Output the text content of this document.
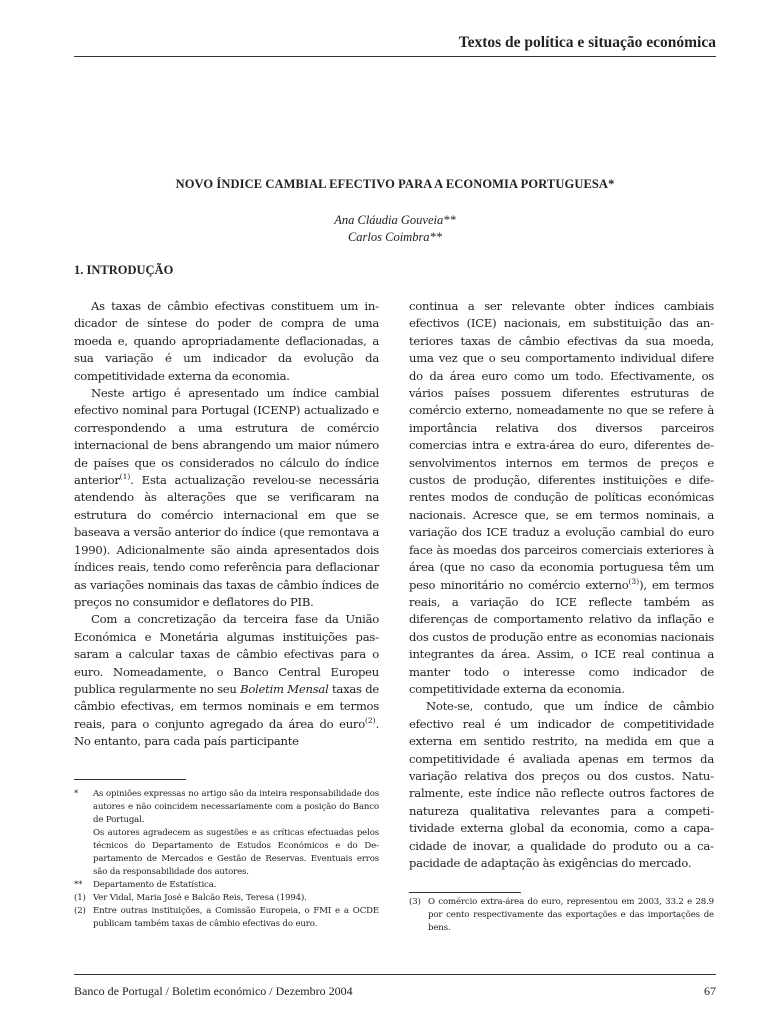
Textos de política e situação económica
NOVO ÍNDICE CAMBIAL EFECTIVO PARA A ECONOMIA PORTUGUESA*
Ana Cláudia Gouveia**
Carlos Coimbra**
1. INTRODUÇÃO

As taxas de câmbio efectivas constituem um indicador de síntese do poder de compra de uma moeda e, quando apropriadamente deflacionadas, a sua variação é um indicador da evolução da competitividade externa da economia.

Neste artigo é apresentado um índice cambial efectivo nominal para Portugal (ICENP) actualizado e correspondendo a uma estrutura de comércio internacional de bens abrangendo um maior número de países que os considerados no cálculo do índice anterior$^{(1)}$. Esta actualização revelou-se necessária atendendo às alterações que se verificaram na estrutura do comércio internacional em que se baseava a versão anterior do índice (que remontava a 1990). Adicionalmente são ainda apresentados dois índices reais, tendo como referência para deflacionar as variações nominais das taxas de câmbio índices de preços no consumidor e deflatores do PIB.

Com a concretização da terceira fase da União Económica e Monetária algumas instituições passaram a calcular taxas de câmbio efectivas para o euro. Nomeadamente, o Banco Central Europeu publica regularmente no seu Boletim Mensal taxas de câmbio efectivas, em termos nominais e em termos reais, para o conjunto agregado da área do euro$^{(2)}$. No entanto, para cada país participante

continua a ser relevante obter índices cambiais efectivos (ICE) nacionais, em substituição das anteriores taxas de câmbio efectivas da sua moeda, uma vez que o seu comportamento individual difere do da área euro como um todo. Efectivamente, os vários países possuem diferentes estruturas de comércio externo, nomeadamente no que se refere à importância relativa dos diversos parceiros comercias intra e extra-área do euro, diferentes desenvolvimentos internos em termos de preços e custos de produção, diferentes instituições e diferentes modos de condução de políticas económicas nacionais. Acresce que, se em termos nominais, a variação dos ICE traduz a evolução cambial do euro face às moedas dos parceiros comerciais exteriores à área (que no caso da economia portuguesa têm um peso minoritário no comércio externo$^{(3)}$), em termos reais, a variação do ICE reflecte também as diferenças de comportamento relativo da inflação e dos custos de produção entre as economias nacionais integrantes da área. Assim, o ICE real continua a manter todo o interesse como indicador de competitividade externa da economia.

Note-se, contudo, que um índice de câmbio efectivo real é um indicador de competitividade externa em sentido restrito, na medida em que a competitividade é avaliada apenas em termos da variação relativa dos preços ou dos custos. Naturalmente, este índice não reflecte outros factores de natureza qualitativa relevantes para a competitividade externa global da economia, como a capacidade de inovar, a qualidade do produto ou a capacidade de adaptação às exigências do mercado.

*	As opiniões expressas no artigo são da inteira responsabilidade dos autores e não coincidem necessariamente com a posição do Banco de Portugal.
Os autores agradecem as sugestões e as críticas efectuadas pelos técnicos do Departamento de Estudos Económicos e do Departamento de Mercados e Gestão de Reservas. Eventuais erros são da responsabilidade dos autores.
**	Departamento de Estatística.
(1) Ver Vidal, Maria José e Balcão Reis, Teresa (1994).
(2) Entre outras instituições, a Comissão Europeia, o FMI e a OCDE publicam também taxas de câmbio efectivas do euro.
(3) O comércio extra-área do euro, representou em 2003, 33.2 e 28.9 por cento respectivamente das exportações e das importações de bens.
Banco de Portugal / Boletim económico / Dezembro 2004	67
